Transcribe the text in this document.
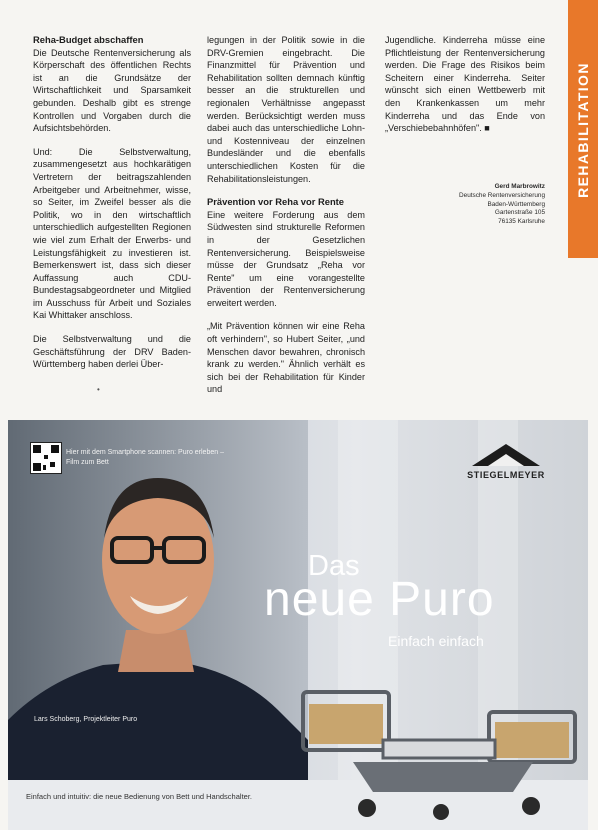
REHABILITATION
Reha-Budget abschaffen

Die Deutsche Rentenversicherung als Körperschaft des öffentlichen Rechts ist an die Grundsätze der Wirtschaftlichkeit und Sparsamkeit gebunden. Deshalb gibt es strenge Kontrollen und Vorgaben durch die Aufsichtsbehörden.

Und: Die Selbstverwaltung, zusammengesetzt aus hochkarätigen Vertretern der beitragszahlenden Arbeitgeber und Arbeitnehmer, wisse, so Seiter, im Zweifel besser als die Politik, wo in den wirtschaftlich unterschiedlich aufgestellten Regionen wie viel zum Erhalt der Erwerbs- und Leistungsfähigkeit zu investieren ist. Bemerkenswert ist, dass sich dieser Auffassung auch CDU-Bundestagsabgeordneter und Mitglied im Ausschuss für Arbeit und Soziales Kai Whittaker anschloss.

Die Selbstverwaltung und die Geschäftsführung der DRV Baden-Württemberg haben derlei Über-

legungen in der Politik sowie in die DRV-Gremien eingebracht. Die Finanzmittel für Prävention und Rehabilitation sollten demnach künftig besser an die strukturellen und regionalen Verhältnisse angepasst werden. Berücksichtigt werden muss dabei auch das unterschiedliche Lohn- und Kostenniveau der einzelnen Bundesländer und die ebenfalls unterschiedlichen Kosten für die Rehabilitationsleistungen.

Prävention vor Reha vor Rente

Eine weitere Forderung aus dem Südwesten sind strukturelle Reformen in der Gesetzlichen Rentenversicherung. Beispielsweise müsse der Grundsatz „Reha vor Rente" um eine vorangestellte Prävention der Rentenversicherung erweitert werden.

„Mit Prävention können wir eine Reha oft verhindern", so Hubert Seiter, „und Menschen davor bewahren, chronisch krank zu werden." Ähnlich verhält es sich bei der Rehabilitation für Kinder und

Jugendliche. Kinderreha müsse eine Pflichtleistung der Rentenversicherung werden. Die Frage des Risikos beim Scheitern einer Kinderreha. Seiter wünscht sich einen Wettbewerb mit den Krankenkassen um mehr Kinderreha und das Ende von „Verschiebebahnhöfen". ■

Gerd Marbrowitz
Deutsche Rentenversicherung
Baden-Württemberg
Gartenstraße 105
76135 Karlsruhe
•
Hier mit dem Smartphone scannen: Puro erleben – Film zum Bett
STIEGELMEYER
Das
neue Puro
Einfach einfach
Lars Schoberg, Projektleiter Puro
Einfach und intuitiv: die neue Bedienung von Bett und Handschalter.
